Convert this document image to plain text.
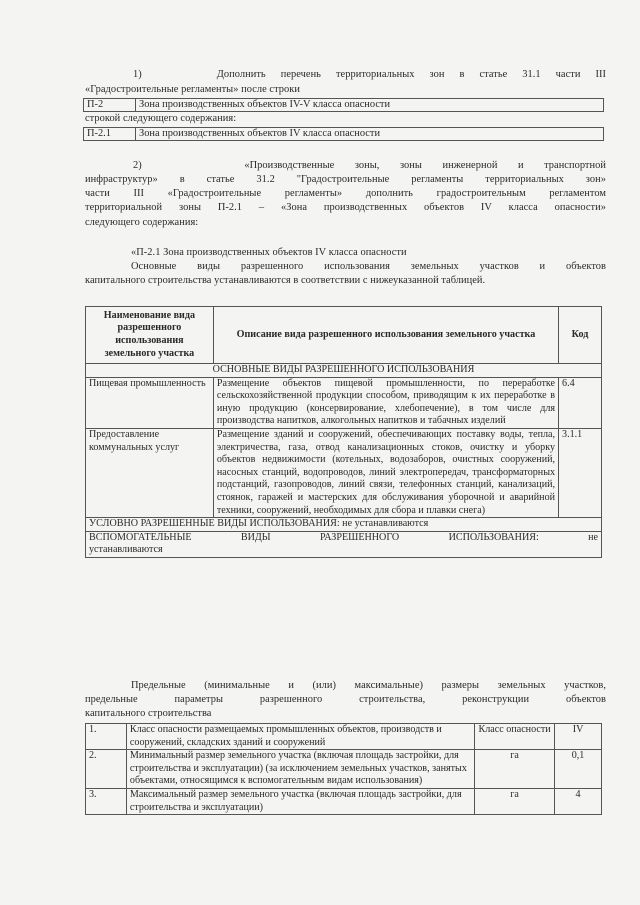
1)     Дополнить перечень территориальных зон в статье 31.1 части III
«Градостроительные регламенты» после строки
П-2	Зона производственных объектов IV-V класса опасности
строкой следующего содержания:
П-2.1	Зона производственных объектов IV класса опасности
2)     «Производственные зоны, зоны инженерной и транспортной
инфраструктур» в статье 31.2 "Градостроительные регламенты территориальных зон»
части III «Градостроительные регламенты» дополнить градостроительным регламентом
территориальной зоны П-2.1 – «Зона производственных объектов IV класса опасности»
следующего содержания:
«П-2.1 Зона производственных объектов IV класса опасности
Основные виды разрешенного использования земельных участков и объектов
капитального строительства устанавливаются в соответствии с нижеуказанной таблицей.
Наименование вида разрешенного использования земельного участка	Описание вида разрешенного использования земельного участка	Код
ОСНОВНЫЕ ВИДЫ РАЗРЕШЕННОГО ИСПОЛЬЗОВАНИЯ		
Пищевая промышленность	Размещение объектов пищевой промышленности, по переработке сельскохозяйственной продукции способом, приводящим к их переработке в иную продукцию (консервирование, хлебопечение), в том числе для производства напитков, алкогольных напитков и табачных изделий	6.4
Предоставление коммунальных услуг	Размещение зданий и сооружений, обеспечивающих поставку воды, тепла, электричества, газа, отвод канализационных стоков, очистку и уборку объектов недвижимости (котельных, водозаборов, очистных сооружений, насосных станций, водопроводов, линий электропередач, трансформаторных подстанций, газопроводов, линий связи, телефонных станций, канализаций, стоянок, гаражей и мастерских для обслуживания уборочной и аварийной техники, сооружений, необходимых для сбора и плавки снега)	3.1.1
УСЛОВНО РАЗРЕШЕННЫЕ ВИДЫ ИСПОЛЬЗОВАНИЯ: не устанавливаются		

ВСПОМОГАТЕЛЬНЫЕ ВИДЫ РАЗРЕШЕННОГО ИСПОЛЬЗОВАНИЯ: не
устанавливаются		
Предельные (минимальные и (или) максимальные) размеры земельных участков,
предельные параметры разрешенного строительства, реконструкции объектов
капитального строительства
1.	Класс опасности размещаемых промышленных объектов, производств и сооружений, складских зданий и сооружений	Класс опасности	IV
2.	Минимальный размер земельного участка (включая площадь застройки, для строительства и эксплуатации) (за исключением земельных участков, занятых объектами, относящимся к вспомогательным видам использования)	га	0,1
3.	Максимальный размер земельного участка (включая площадь застройки, для строительства и эксплуатации)	га	4
